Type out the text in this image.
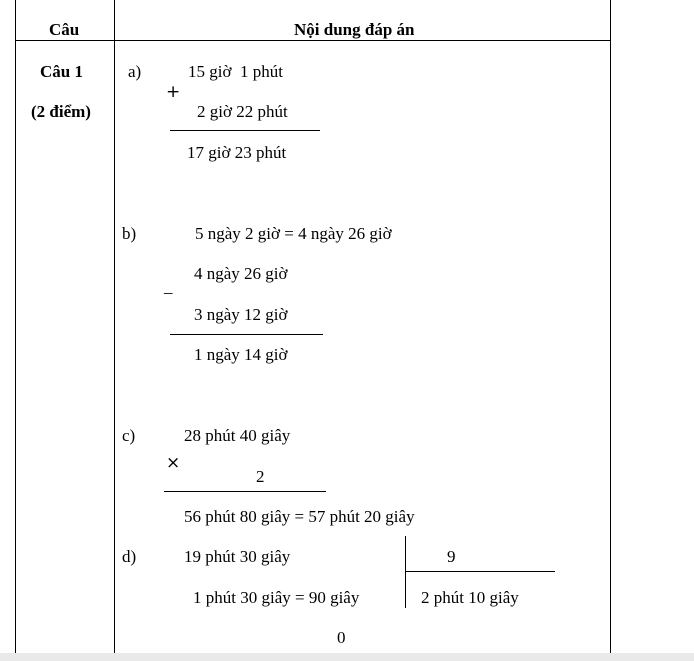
Câu	Nội dung đáp án
Câu 1
(2 điểm)
a)	15 giờ  1 phút
+
2 giờ 22 phút
17 giờ 23 phút
b)	5 ngày 2 giờ = 4 ngày 26 giờ
4 ngày 26 giờ
_
3 ngày 12 giờ
1 ngày 14 giờ
c)	28 phút 40 giây
×
2
56 phút 80 giây = 57 phút 20 giây
d)	19 phút 30 giây	9
1 phút 30 giây = 90 giây	2 phút 10 giây
0
